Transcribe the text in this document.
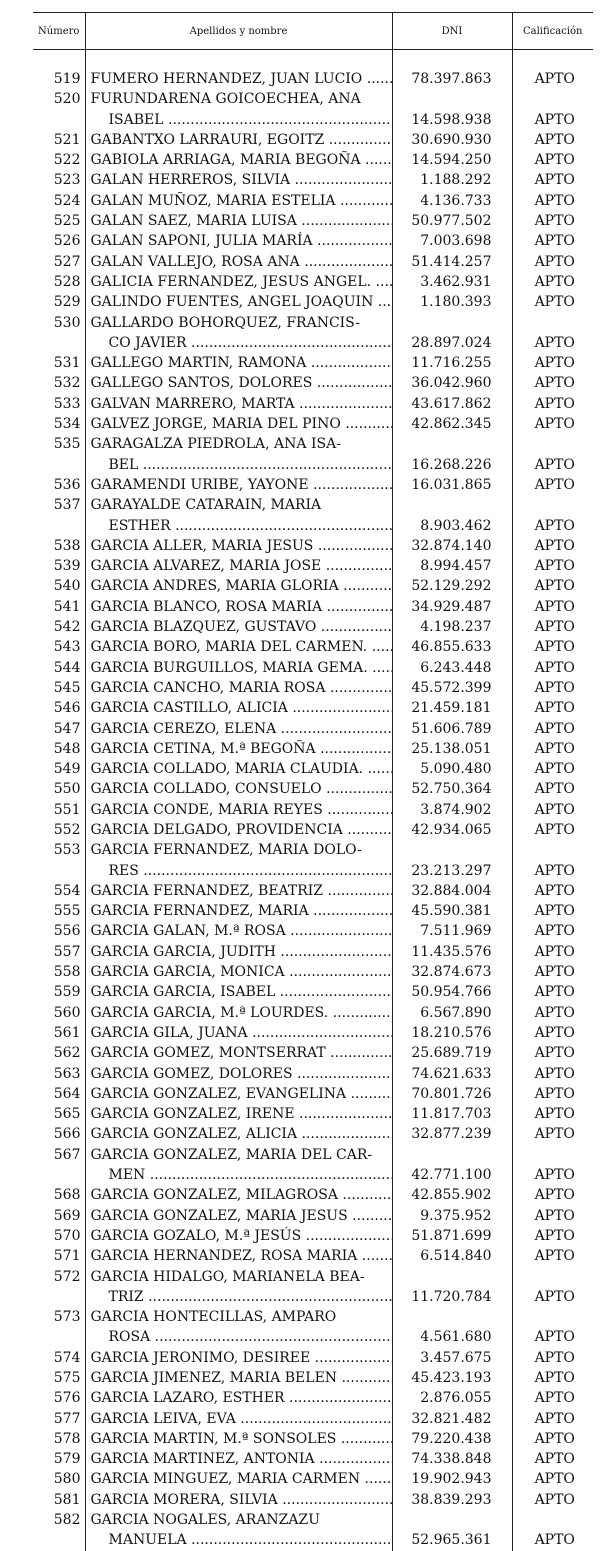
Número	Apellidos y nombre	DNI	Calificación
519	FUMERO HERNANDEZ, JUAN LUCIO .....	78.397.863	APTO
520	FURUNDARENA GOICOECHEA, ANA
ISABEL .....	14.598.938	APTO
521	GABANTXO LARRAURI, EGOITZ .....	30.690.930	APTO
522	GABIOLA ARRIAGA, MARIA BEGOÑA .....	14.594.250	APTO
523	GALAN HERREROS, SILVIA .....	1.188.292	APTO
524	GALAN MUÑOZ, MARIA ESTELIA .....	4.136.733	APTO
525	GALAN SAEZ, MARIA LUISA .....	50.977.502	APTO
526	GALAN SAPONI, JULIA MARÍA .....	7.003.698	APTO
527	GALAN VALLEJO, ROSA ANA .....	51.414.257	APTO
528	GALICIA FERNANDEZ, JESUS ANGEL. .....	3.462.931	APTO
529	GALINDO FUENTES, ANGEL JOAQUIN .....	1.180.393	APTO
530	GALLARDO BOHORQUEZ, FRANCIS-
CO JAVIER .....	28.897.024	APTO
531	GALLEGO MARTIN, RAMONA .....	11.716.255	APTO
532	GALLEGO SANTOS, DOLORES .....	36.042.960	APTO
533	GALVAN MARRERO, MARTA .....	43.617.862	APTO
534	GALVEZ JORGE, MARIA DEL PINO .....	42.862.345	APTO
535	GARAGALZA PIEDROLA, ANA ISA-
BEL .....	16.268.226	APTO
536	GARAMENDI URIBE, YAYONE .....	16.031.865	APTO
537	GARAYALDE CATARAIN, MARIA
ESTHER .....	8.903.462	APTO
538	GARCIA ALLER, MARIA JESUS .....	32.874.140	APTO
539	GARCIA ALVAREZ, MARIA JOSE .....	8.994.457	APTO
540	GARCIA ANDRES, MARIA GLORIA .....	52.129.292	APTO
541	GARCIA BLANCO, ROSA MARIA .....	34.929.487	APTO
542	GARCIA BLAZQUEZ, GUSTAVO .....	4.198.237	APTO
543	GARCIA BORO, MARIA DEL CARMEN. .....	46.855.633	APTO
544	GARCIA BURGUILLOS, MARIA GEMA. .....	6.243.448	APTO
545	GARCIA CANCHO, MARIA ROSA .....	45.572.399	APTO
546	GARCIA CASTILLO, ALICIA .....	21.459.181	APTO
547	GARCIA CEREZO, ELENA .....	51.606.789	APTO
548	GARCIA CETINA, M.ª BEGOÑA .....	25.138.051	APTO
549	GARCIA COLLADO, MARIA CLAUDIA. .....	5.090.480	APTO
550	GARCIA COLLADO, CONSUELO .....	52.750.364	APTO
551	GARCIA CONDE, MARIA REYES .....	3.874.902	APTO
552	GARCIA DELGADO, PROVIDENCIA .....	42.934.065	APTO
553	GARCIA FERNANDEZ, MARIA DOLO-
RES .....	23.213.297	APTO
554	GARCIA FERNANDEZ, BEATRIZ .....	32.884.004	APTO
555	GARCIA FERNANDEZ, MARIA .....	45.590.381	APTO
556	GARCIA GALAN, M.ª ROSA .....	7.511.969	APTO
557	GARCIA GARCIA, JUDITH .....	11.435.576	APTO
558	GARCIA GARCIA, MONICA .....	32.874.673	APTO
559	GARCIA GARCIA, ISABEL .....	50.954.766	APTO
560	GARCIA GARCIA, M.ª LOURDES. .....	6.567.890	APTO
561	GARCIA GILA, JUANA .....	18.210.576	APTO
562	GARCIA GOMEZ, MONTSERRAT .....	25.689.719	APTO
563	GARCIA GOMEZ, DOLORES .....	74.621.633	APTO
564	GARCIA GONZALEZ, EVANGELINA .....	70.801.726	APTO
565	GARCIA GONZALEZ, IRENE .....	11.817.703	APTO
566	GARCIA GONZALEZ, ALICIA .....	32.877.239	APTO
567	GARCIA GONZALEZ, MARIA DEL CAR-
MEN .....	42.771.100	APTO
568	GARCIA GONZALEZ, MILAGROSA .....	42.855.902	APTO
569	GARCIA GONZALEZ, MARIA JESUS .....	9.375.952	APTO
570	GARCIA GOZALO, M.ª JESÚS .....	51.871.699	APTO
571	GARCIA HERNANDEZ, ROSA MARIA .....	6.514.840	APTO
572	GARCIA HIDALGO, MARIANELA BEA-
TRIZ .....	11.720.784	APTO
573	GARCIA HONTECILLAS, AMPARO
ROSA .....	4.561.680	APTO
574	GARCIA JERONIMO, DESIREE .....	3.457.675	APTO
575	GARCIA JIMENEZ, MARIA BELEN .....	45.423.193	APTO
576	GARCIA LAZARO, ESTHER .....	2.876.055	APTO
577	GARCIA LEIVA, EVA .....	32.821.482	APTO
578	GARCIA MARTIN, M.ª SONSOLES .....	79.220.438	APTO
579	GARCIA MARTINEZ, ANTONIA .....	74.338.848	APTO
580	GARCIA MINGUEZ, MARIA CARMEN .....	19.902.943	APTO
581	GARCIA MORERA, SILVIA .....	38.839.293	APTO
582	GARCIA NOGALES, ARANZAZU
MANUELA .....	52.965.361	APTO
